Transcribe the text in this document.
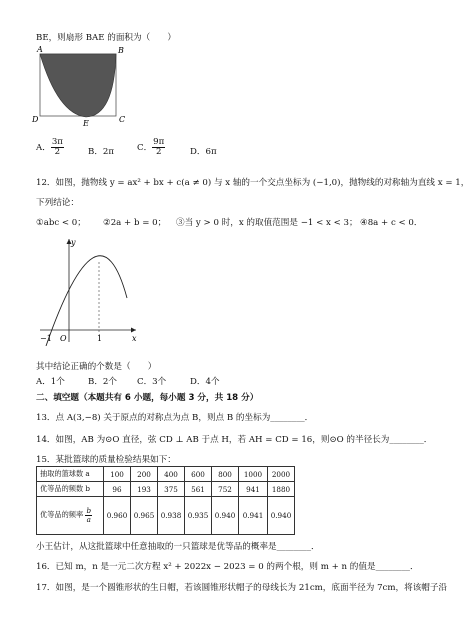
BE，则扇形 BAE 的面积为（　　）
A	B
D	C
E
A． $\frac{3\pi}{2}$	B．2π	C． $\frac{9\pi}{2}$	D．6π
12．如图，抛物线 y = ax² + bx + c(a ≠ 0) 与 x 轴的一个交点坐标为 (−1,0)，抛物线的对称轴为直线 x = 1，
下列结论：
①abc < 0； ②2a + b = 0； ③当 y > 0 时，x 的取值范围是 −1 < x < 3； ④8a + c < 0．
y
x
O
−1	1
其中结论正确的个数是（　　）
A．1个	B．2个 C．3个	D．4个
二、填空题（本题共有 6 小题，每小题 3 分，共 18 分）
13．点 A(3,−8) 关于原点的对称点为点 B，则点 B 的坐标为________．
14．如图，AB 为⊙O 直径，弦 CD ⊥ AB 于点 H，若 AH = CD = 16，则⊙O 的半径长为________．
15．某批篮球的质量检验结果如下：
抽取的篮球数 a	100	200	400	600	800	1000	2000
优等品的频数 b	96	193	375	561	752	941	1880
优等品的频率 $\frac{b}{a}$	0.960	0.965	0.938	0.935	0.940	0.941	0.940
小王估计，从这批篮球中任意抽取的一只篮球是优等品的概率是________．
16．已知 m，n 是一元二次方程 x² + 2022x − 2023 = 0 的两个根，则 m + n 的值是________．
17．如图，是一个圆锥形状的生日帽，若该圆锥形状帽子的母线长为 21cm，底面半径为 7cm，将该帽子沿
